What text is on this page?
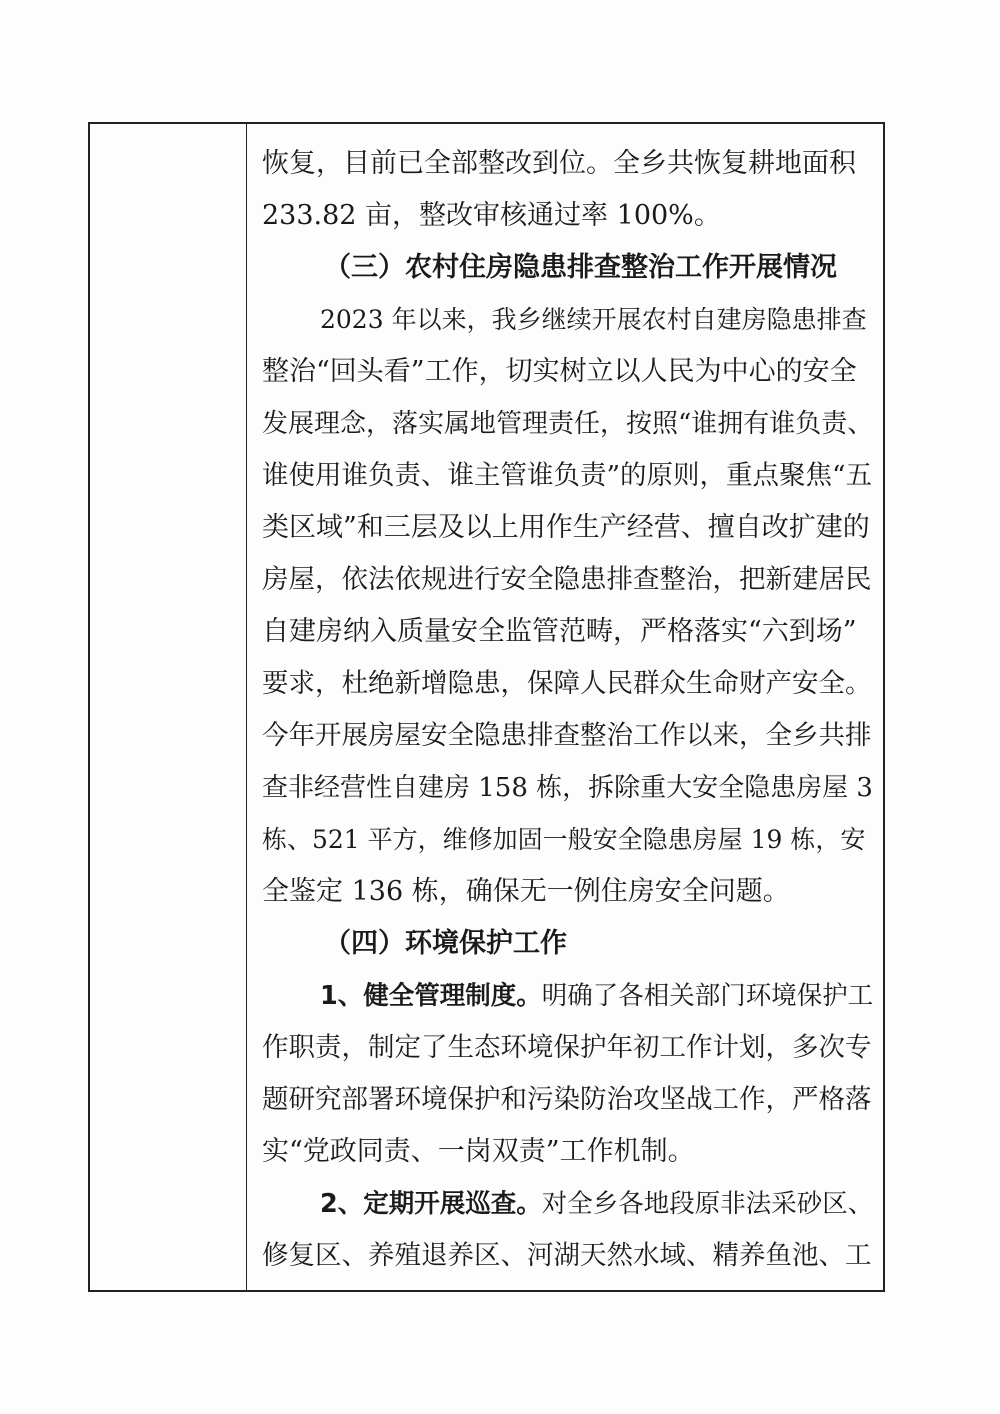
恢复，目前已全部整改到位。全乡共恢复耕地面积
233.82 亩，整改审核通过率 100%。
（三）农村住房隐患排查整治工作开展情况
2023 年以来，我乡继续开展农村自建房隐患排查
整治“回头看”工作，切实树立以人民为中心的安全
发展理念，落实属地管理责任，按照“谁拥有谁负责、
谁使用谁负责、谁主管谁负责”的原则，重点聚焦“五
类区域”和三层及以上用作生产经营、擅自改扩建的
房屋，依法依规进行安全隐患排查整治，把新建居民
自建房纳入质量安全监管范畴，严格落实“六到场”
要求，杜绝新增隐患，保障人民群众生命财产安全。
今年开展房屋安全隐患排查整治工作以来，全乡共排
查非经营性自建房 158 栋，拆除重大安全隐患房屋 3
栋、521 平方，维修加固一般安全隐患房屋 19 栋，安
全鉴定 136 栋，确保无一例住房安全问题。
（四）环境保护工作
1、健全管理制度。明确了各相关部门环境保护工
作职责，制定了生态环境保护年初工作计划，多次专
题研究部署环境保护和污染防治攻坚战工作，严格落
实“党政同责、一岗双责”工作机制。
2、定期开展巡查。对全乡各地段原非法采砂区、
修复区、养殖退养区、河湖天然水域、精养鱼池、工
